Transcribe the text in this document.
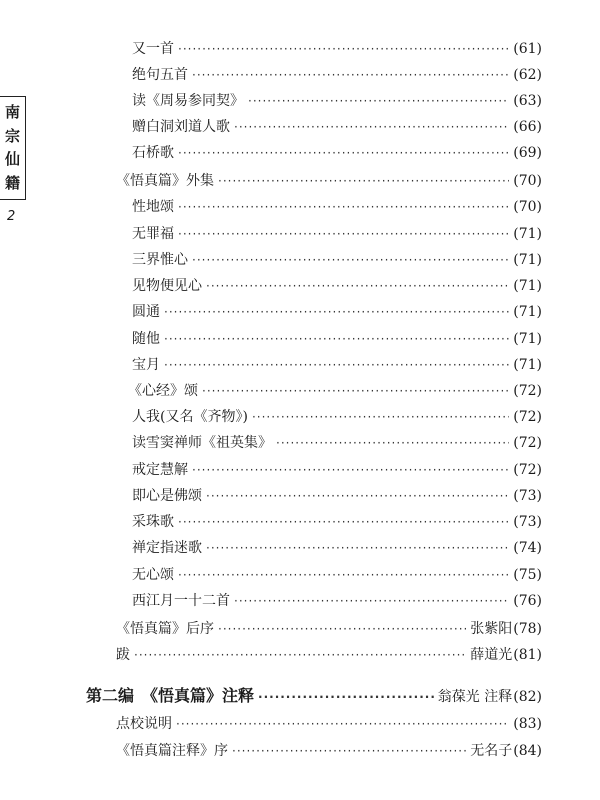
南
宗
仙
籍
2
又一首 ·····	(61)
绝句五首 ·····	(62)
读《周易参同契》 ·····	(63)
赠白洞刘道人歌 ·····	(66)
石桥歌 ·····	(69)
《悟真篇》外集 ·····	(70)
性地颂 ·····	(70)
无罪福 ·····	(71)
三界惟心 ·····	(71)
见物便见心 ·····	(71)
圆通 ·····	(71)
随他 ·····	(71)
宝月 ·····	(71)
《心经》颂 ·····	(72)
人我(又名《齐物》) ·····	(72)
读雪窦禅师《祖英集》 ·····	(72)
戒定慧解 ·····	(72)
即心是佛颂 ·····	(73)
采珠歌 ·····	(73)
禅定指迷歌 ·····	(74)
无心颂 ·····	(75)
西江月一十二首 ·····	(76)
《悟真篇》后序 ·····	张紫阳 (78)
跋 ·····	薛道光 (81)
第二编　《悟真篇》注释 ·····	翁葆光 注释 (82)
点校说明 ·····	(83)
《悟真篇注释》序 ·····	无名子 (84)
